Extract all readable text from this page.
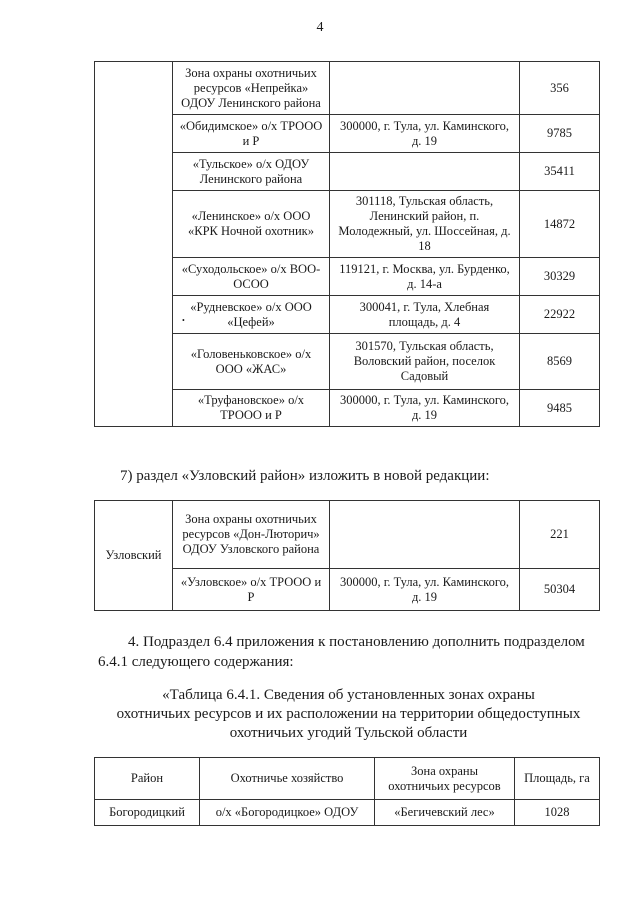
4
	Зона охраны охотничьих ресурсов «Непрейка» ОДОУ Ленинского района		356
	«Обидимское» о/х ТРООО и Р	300000, г. Тула, ул. Каминского, д. 19	9785
	«Тульское» о/х ОДОУ Ленинского района		35411
	«Ленинское» о/х ООО «КРК Ночной охотник»	301118, Тульская область, Ленинский район, п. Молодежный, ул. Шоссейная, д. 18	14872
	«Суходольское» о/х ВОО-ОСОО	119121, г. Москва, ул. Бурденко, д. 14-а	30329
	«Рудневское» о/х ООО «Цефей»	300041, г. Тула, Хлебная площадь, д. 4	22922
	«Головеньковское» о/х ООО «ЖАС»	301570, Тульская область, Воловский район, поселок Садовый	8569
	«Труфановское» о/х ТРООО и Р	300000, г. Тула, ул. Каминского, д. 19	9485
•
7) раздел «Узловский район» изложить в новой редакции:
Узловский	Зона охраны охотничьих ресурсов «Дон-Люторич» ОДОУ Узловского района		221
	«Узловское» о/х ТРООО и Р	300000, г. Тула, ул. Каминского, д. 19	50304
4. Подраздел 6.4 приложения к постановлению дополнить подразделом 6.4.1 следующего содержания:
«Таблица 6.4.1. Сведения об установленных зонах охраны
охотничьих ресурсов и их расположении на территории общедоступных
охотничьих угодий Тульской области
Район	Охотничье хозяйство	Зона охраны охотничьих ресурсов	Площадь, га
Богородицкий	о/х «Богородицкое» ОДОУ	«Бегичевский лес»	1028
